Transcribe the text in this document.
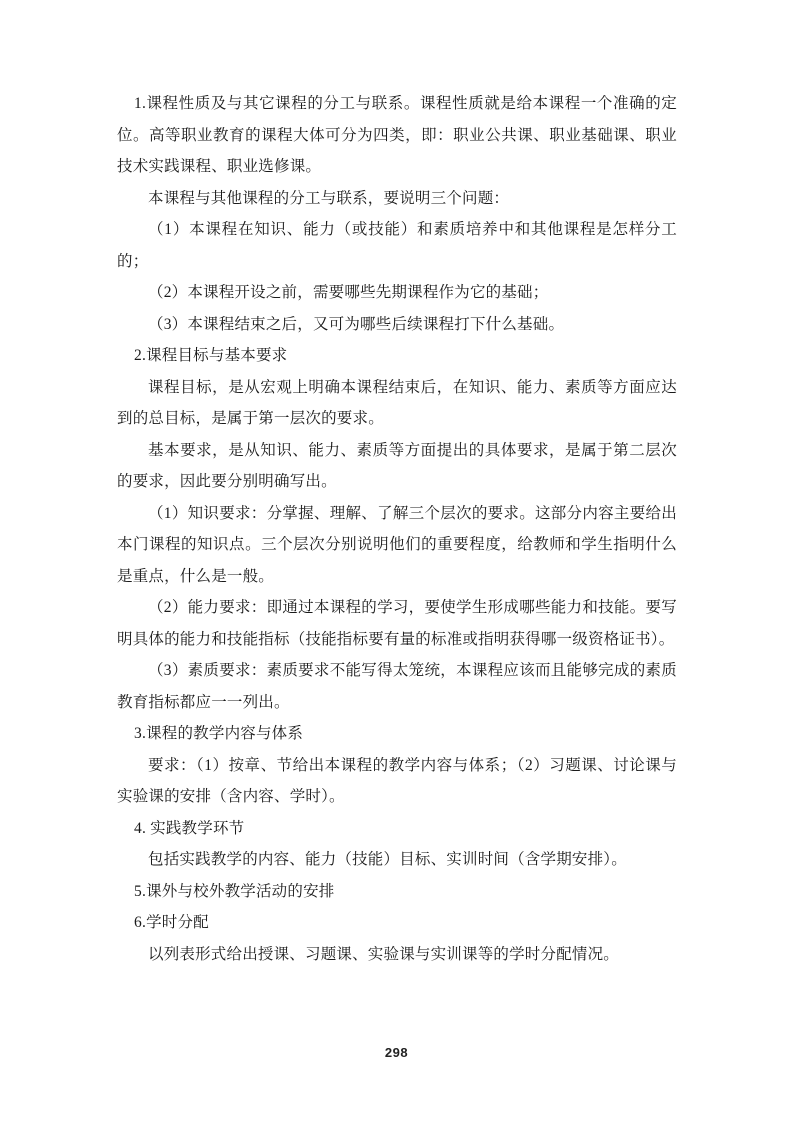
1.课程性质及与其它课程的分工与联系。课程性质就是给本课程一个准确的定位。高等职业教育的课程大体可分为四类，即：职业公共课、职业基础课、职业技术实践课程、职业选修课。

本课程与其他课程的分工与联系，要说明三个问题：

（1）本课程在知识、能力（或技能）和素质培养中和其他课程是怎样分工的；

（2）本课程开设之前，需要哪些先期课程作为它的基础；

（3）本课程结束之后，又可为哪些后续课程打下什么基础。

2.课程目标与基本要求

课程目标，是从宏观上明确本课程结束后，在知识、能力、素质等方面应达到的总目标，是属于第一层次的要求。

基本要求，是从知识、能力、素质等方面提出的具体要求，是属于第二层次的要求，因此要分别明确写出。

（1）知识要求：分掌握、理解、了解三个层次的要求。这部分内容主要给出本门课程的知识点。三个层次分别说明他们的重要程度，给教师和学生指明什么是重点，什么是一般。

（2）能力要求：即通过本课程的学习，要使学生形成哪些能力和技能。要写明具体的能力和技能指标（技能指标要有量的标准或指明获得哪一级资格证书）。

（3）素质要求：素质要求不能写得太笼统，本课程应该而且能够完成的素质教育指标都应一一列出。

3.课程的教学内容与体系

要求：（1）按章、节给出本课程的教学内容与体系；（2）习题课、讨论课与实验课的安排（含内容、学时）。

4. 实践教学环节

包括实践教学的内容、能力（技能）目标、实训时间（含学期安排）。

5.课外与校外教学活动的安排

6.学时分配

以列表形式给出授课、习题课、实验课与实训课等的学时分配情况。

298
